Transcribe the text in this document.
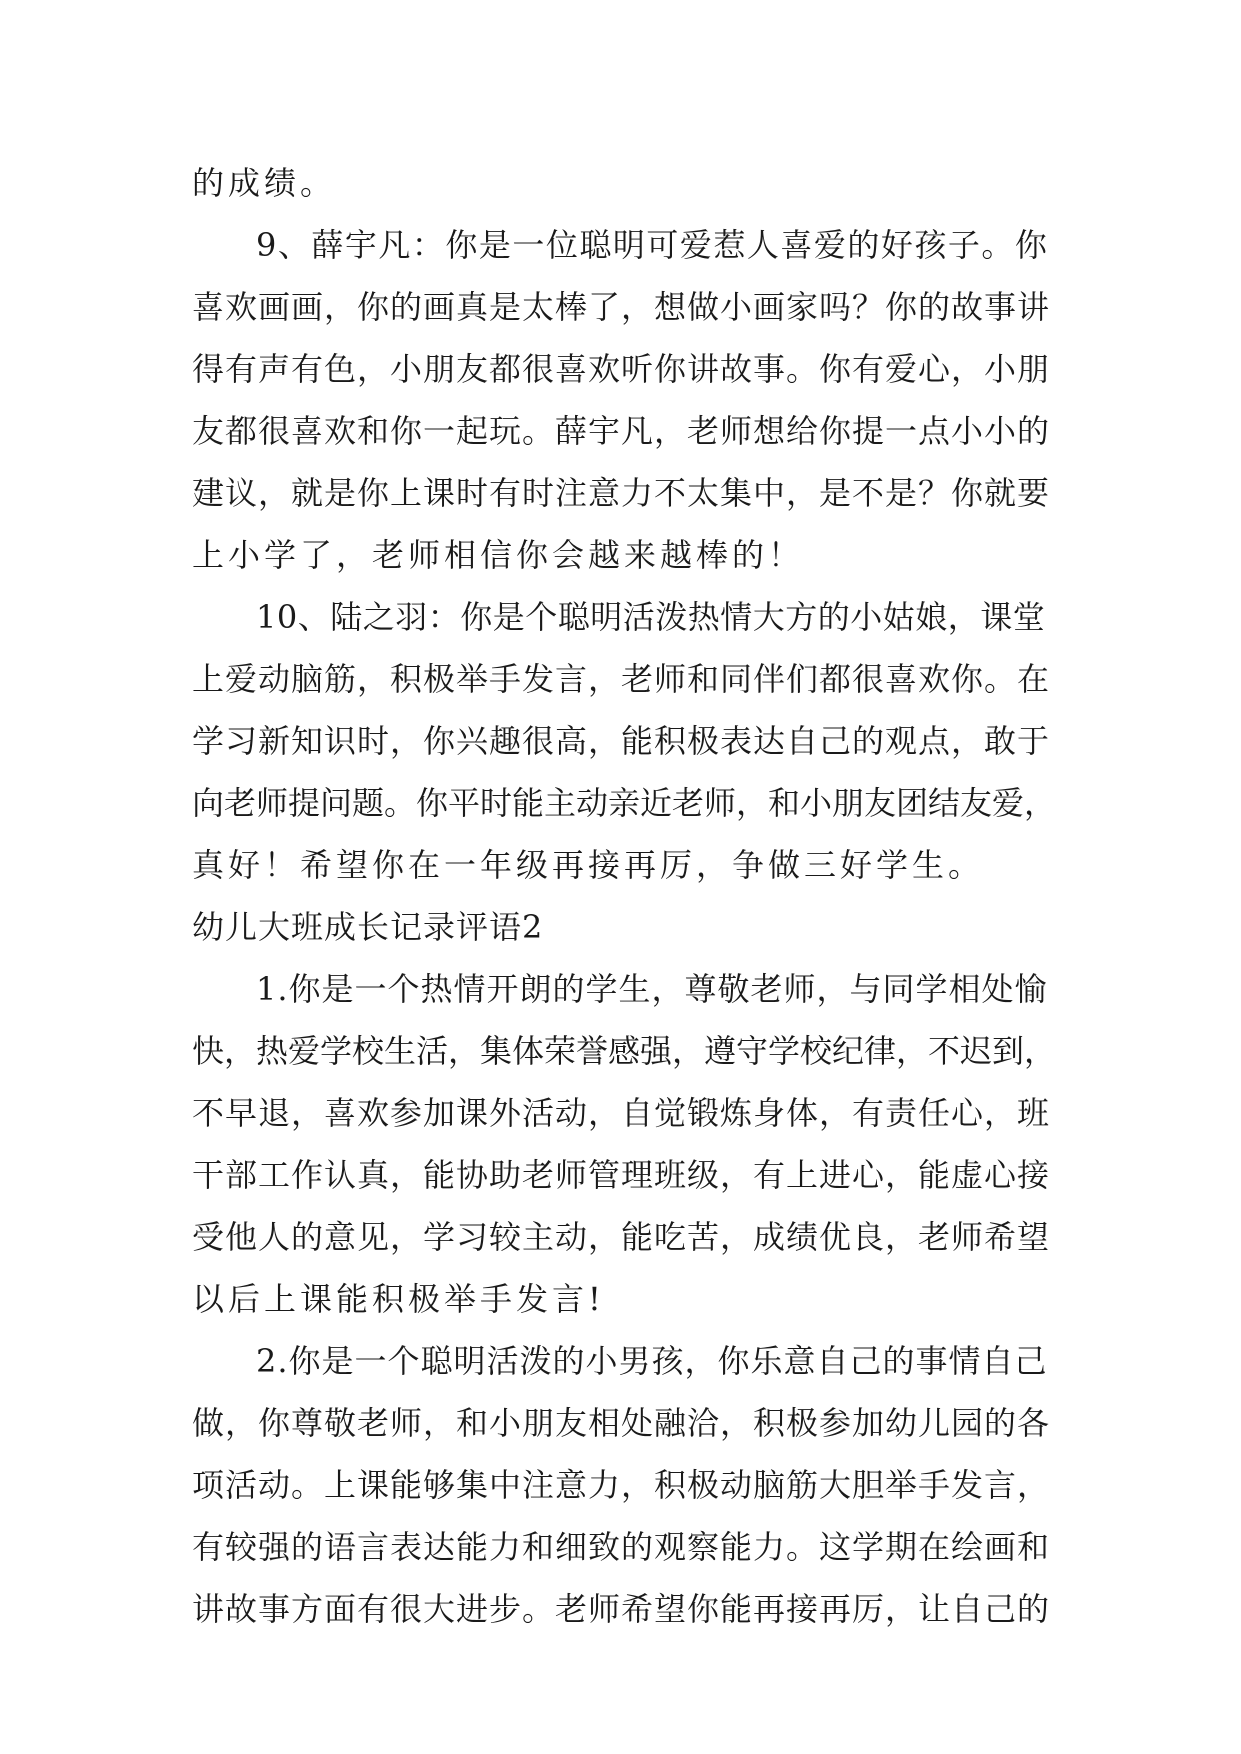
的成绩。
9、薛宇凡：你是一位聪明可爱惹人喜爱的好孩子。你
喜欢画画，你的画真是太棒了，想做小画家吗？你的故事讲
得有声有色，小朋友都很喜欢听你讲故事。你有爱心，小朋
友都很喜欢和你一起玩。薛宇凡，老师想给你提一点小小的
建议，就是你上课时有时注意力不太集中，是不是？你就要
上小学了，老师相信你会越来越棒的！
10、陆之羽：你是个聪明活泼热情大方的小姑娘，课堂
上爱动脑筋，积极举手发言，老师和同伴们都很喜欢你。在
学习新知识时，你兴趣很高，能积极表达自己的观点，敢于
向老师提问题。你平时能主动亲近老师，和小朋友团结友爱，
真好！希望你在一年级再接再厉，争做三好学生。
幼儿大班成长记录评语2
1.你是一个热情开朗的学生，尊敬老师，与同学相处愉
快，热爱学校生活，集体荣誉感强，遵守学校纪律，不迟到，
不早退，喜欢参加课外活动，自觉锻炼身体，有责任心，班
干部工作认真，能协助老师管理班级，有上进心，能虚心接
受他人的意见，学习较主动，能吃苦，成绩优良，老师希望
以后上课能积极举手发言!
2.你是一个聪明活泼的小男孩，你乐意自己的事情自己
做，你尊敬老师，和小朋友相处融洽，积极参加幼儿园的各
项活动。上课能够集中注意力，积极动脑筋大胆举手发言，
有较强的语言表达能力和细致的观察能力。这学期在绘画和
讲故事方面有很大进步。老师希望你能再接再厉，让自己的
